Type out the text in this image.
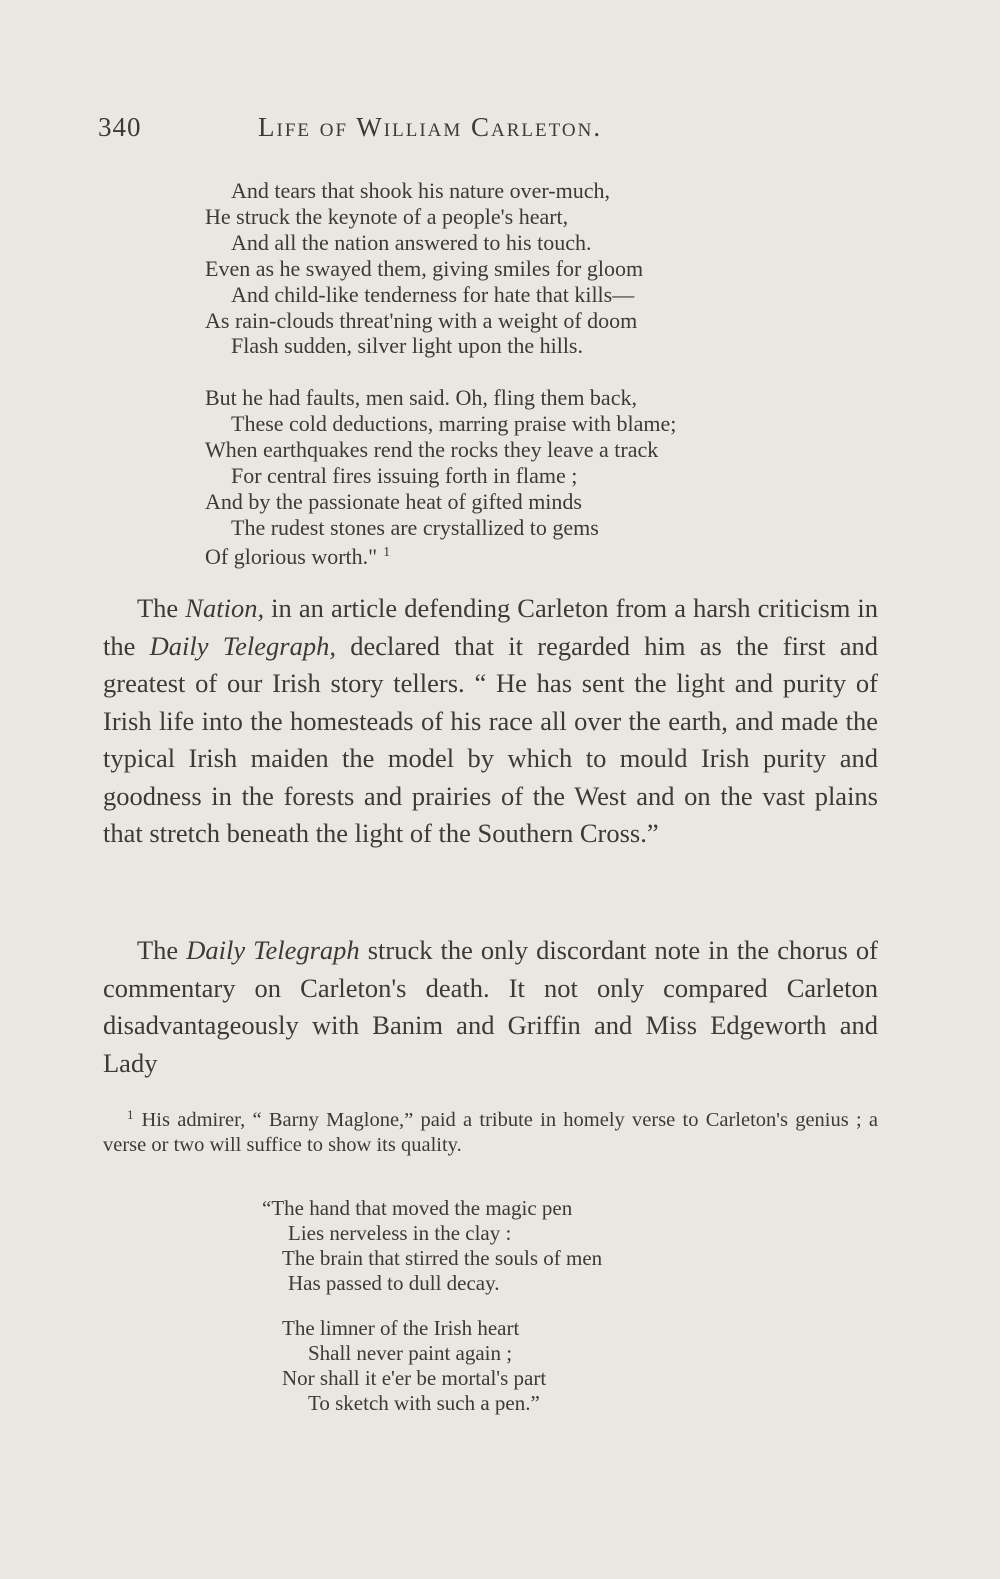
340	Life of William Carleton.
And tears that shook his nature over-much,
He struck the keynote of a people's heart,
And all the nation answered to his touch.
Even as he swayed them, giving smiles for gloom
And child-like tenderness for hate that kills—
As rain-clouds threat'ning with a weight of doom
Flash sudden, silver light upon the hills.
But he had faults, men said. Oh, fling them back,
These cold deductions, marring praise with blame;
When earthquakes rend the rocks they leave a track
For central fires issuing forth in flame ;
And by the passionate heat of gifted minds
The rudest stones are crystallized to gems
Of glorious worth." $^1$

The Nation, in an article defending Carleton from a harsh criticism in the Daily Telegraph, declared that it regarded him as the first and greatest of our Irish story tellers. “ He has sent the light and purity of Irish life into the homesteads of his race all over the earth, and made the typical Irish maiden the model by which to mould Irish purity and goodness in the forests and prairies of the West and on the vast plains that stretch beneath the light of the Southern Cross.”

The Daily Telegraph struck the only discordant note in the chorus of commentary on Carleton's death. It not only compared Carleton disadvantageously with Banim and Griffin and Miss Edgeworth and Lady

$^1$ His admirer, “ Barny Maglone,” paid a tribute in homely verse to Carleton's genius ; a verse or two will suffice to show its quality.

“The hand that moved the magic pen
Lies nerveless in the clay :
The brain that stirred the souls of men
Has passed to dull decay.
The limner of the Irish heart
Shall never paint again ;
Nor shall it e'er be mortal's part
To sketch with such a pen.”
